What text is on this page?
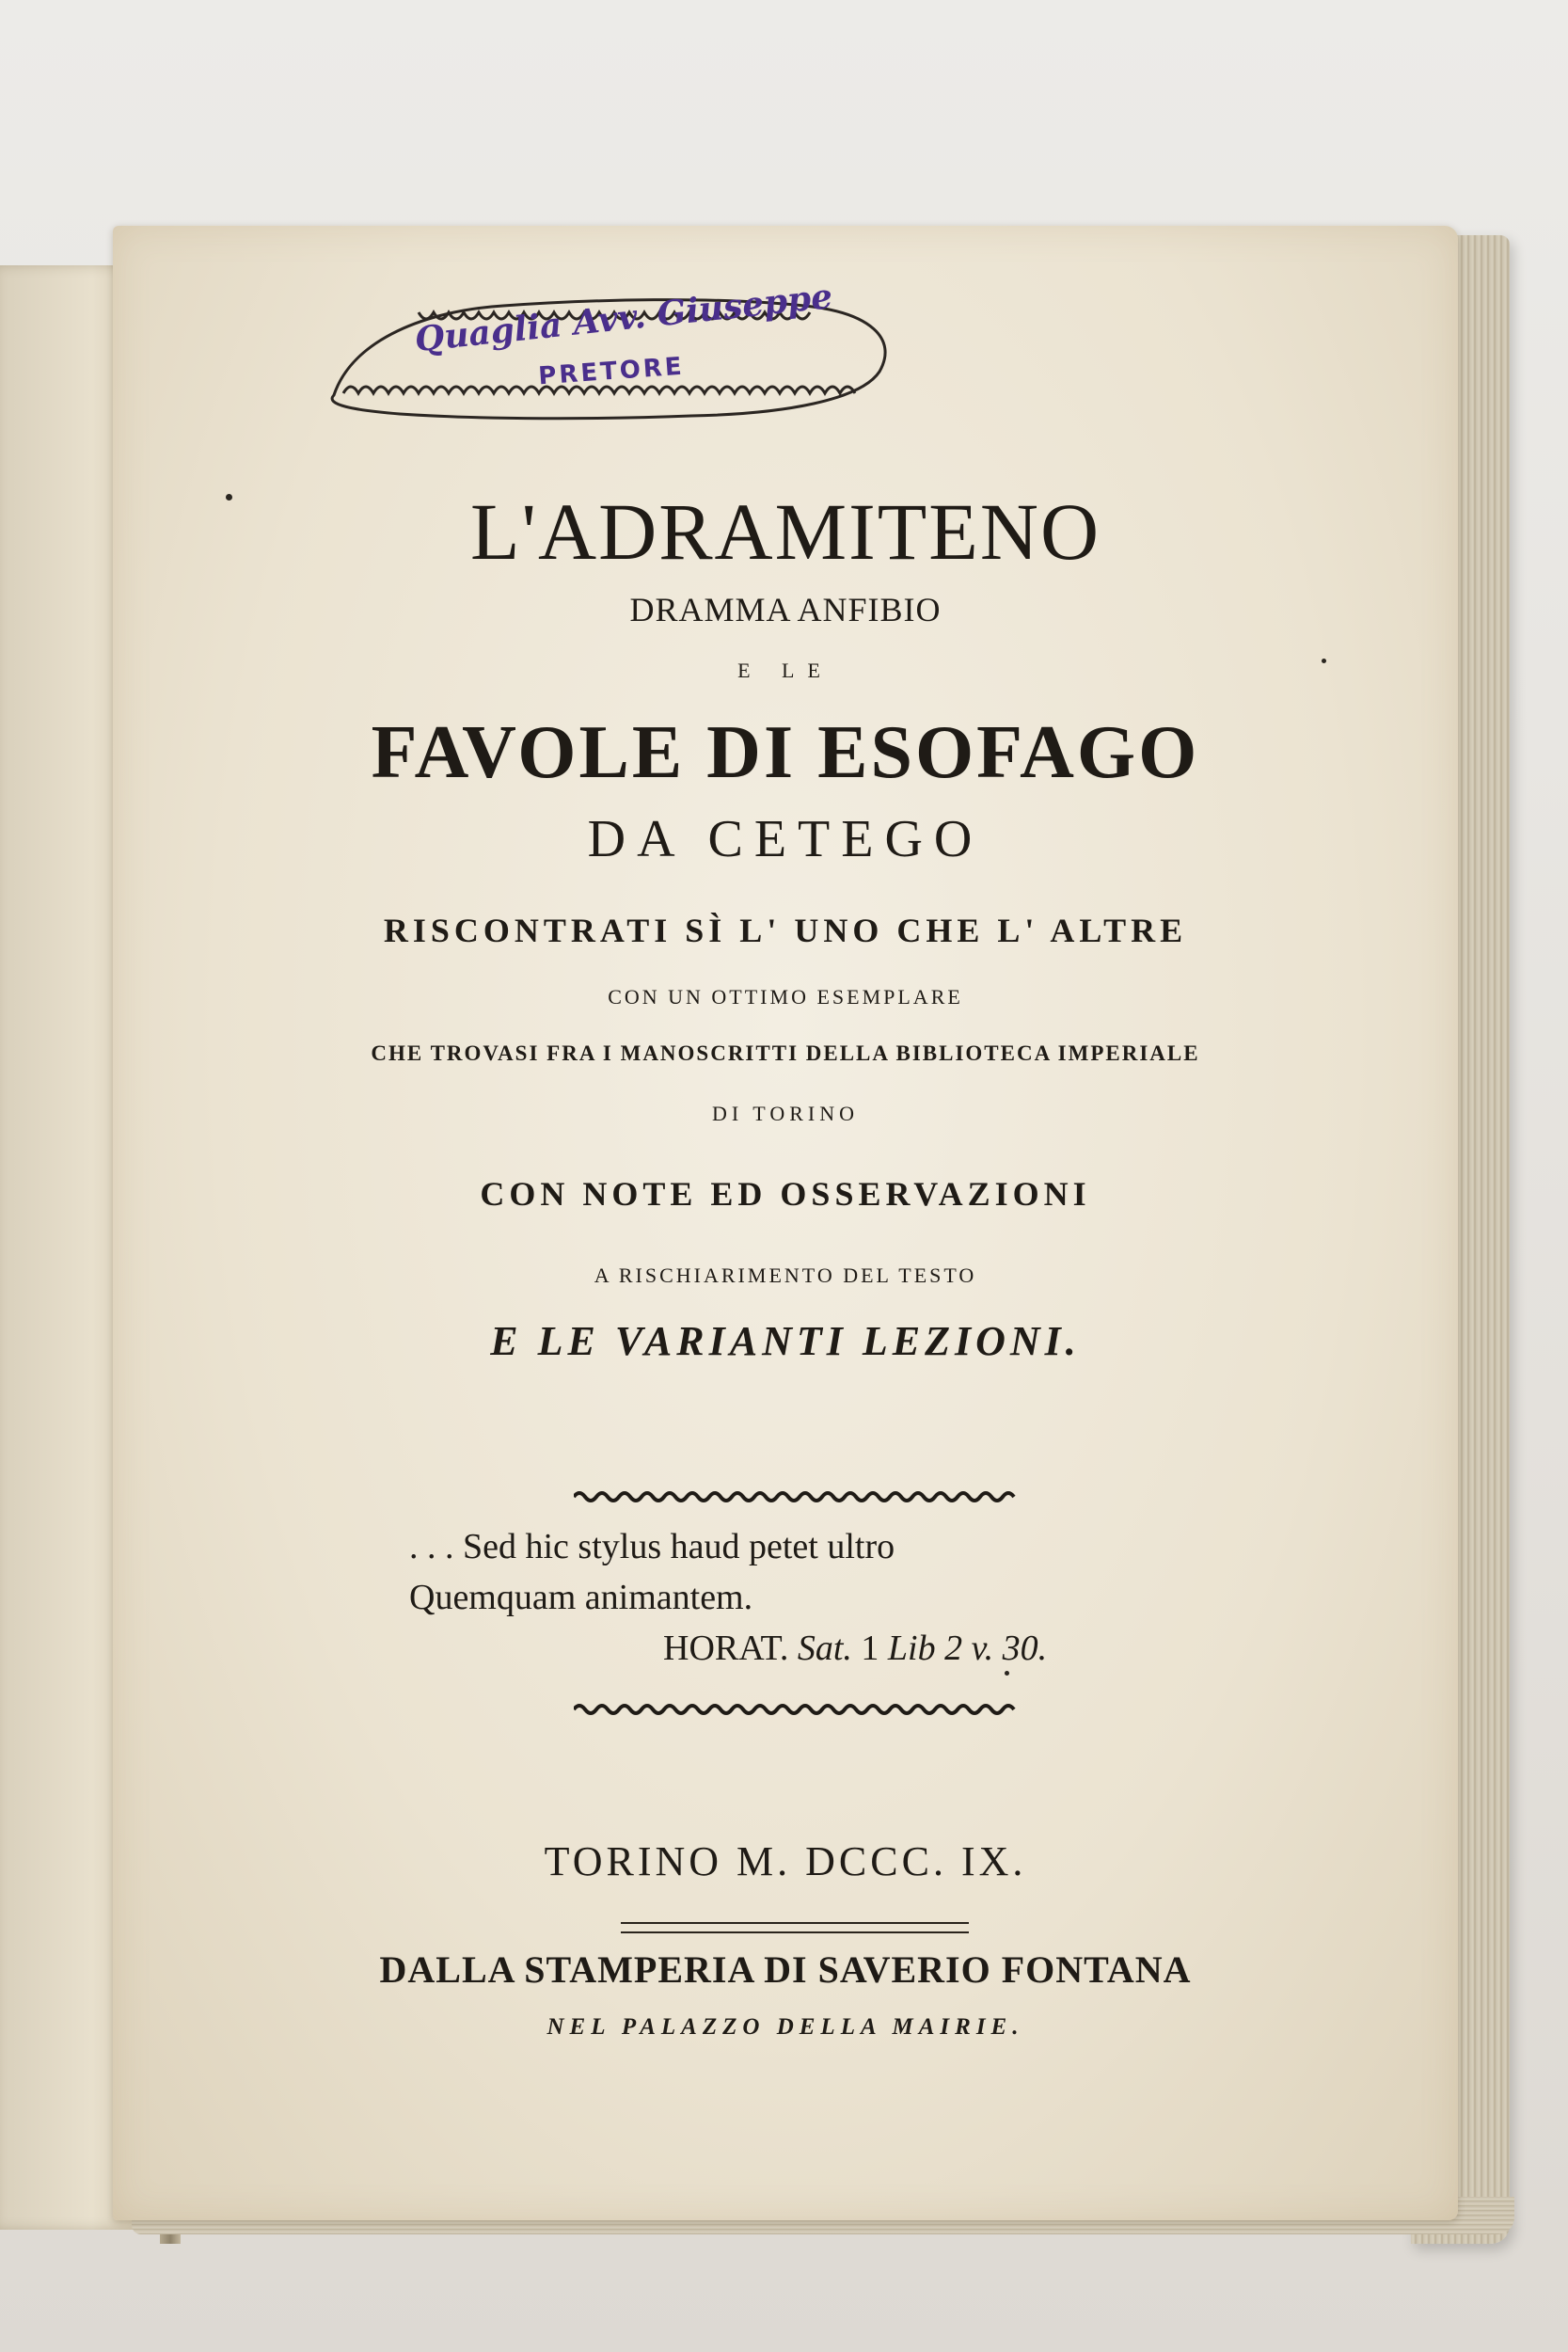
Quaglia Avv. Giuseppe
PRETORE
L'ADRAMITENO
DRAMMA ANFIBIO
E LE
FAVOLE DI ESOFAGO
DA CETEGO
RISCONTRATI SÌ L' UNO CHE L' ALTRE
CON UN OTTIMO ESEMPLARE
CHE TROVASI FRA I MANOSCRITTI DELLA BIBLIOTECA IMPERIALE
DI TORINO
CON NOTE ED OSSERVAZIONI
A RISCHIARIMENTO DEL TESTO
E LE VARIANTI LEZIONI.
. . . Sed hic stylus haud petet ultro
Quemquam animantem.
HORAT. Sat. 1 Lib 2 v. 30.
TORINO M. DCCC. IX.
DALLA STAMPERIA DI SAVERIO FONTANA
NEL PALAZZO DELLA MAIRIE.
